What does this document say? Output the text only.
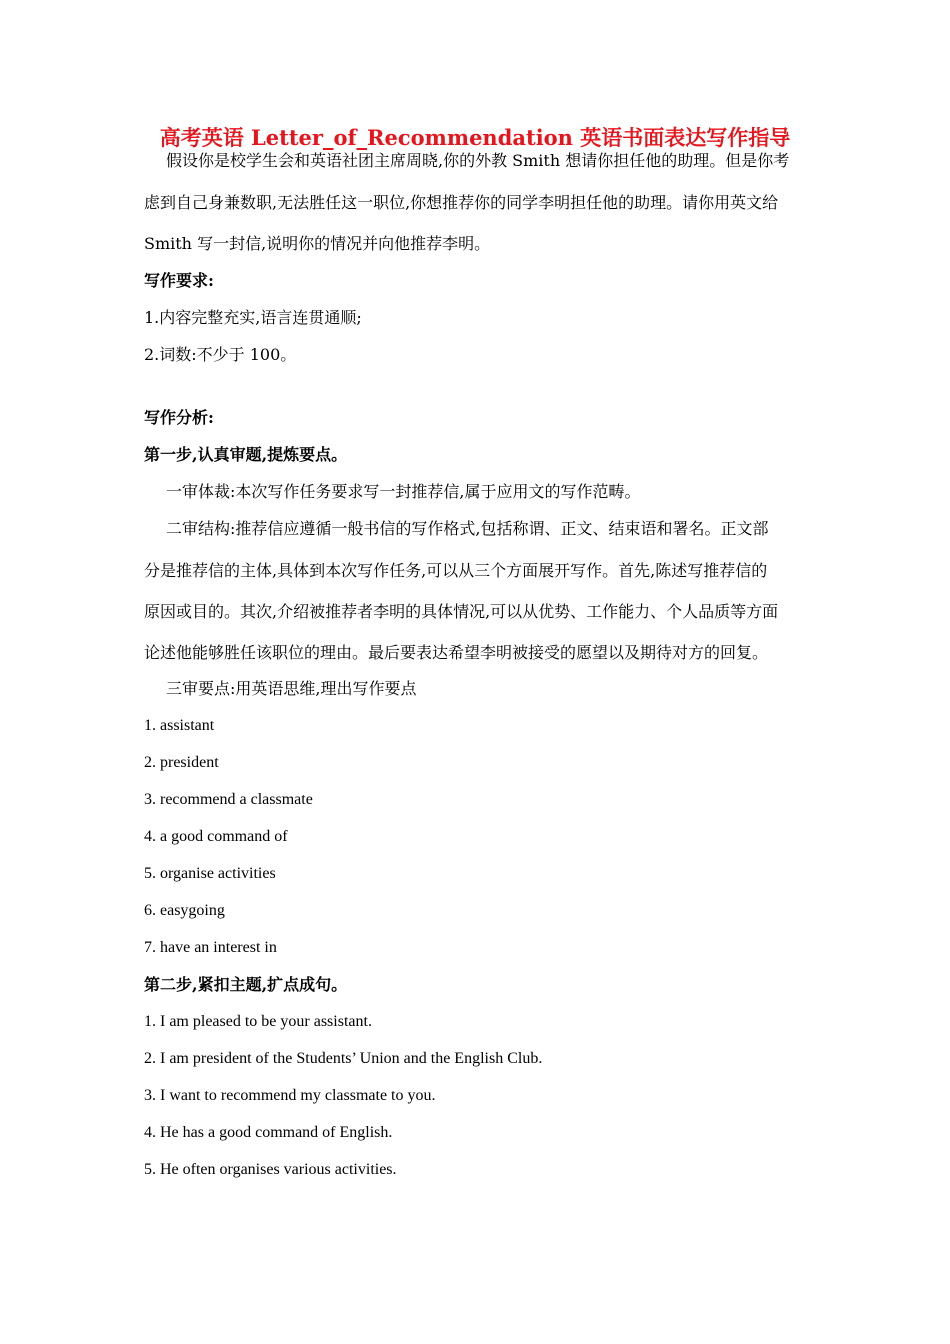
高考英语 Letter_of_Recommendation 英语书面表达写作指导
假设你是校学生会和英语社团主席周晓,你的外教 Smith 想请你担任他的助理。但是你考
虑到自己身兼数职,无法胜任这一职位,你想推荐你的同学李明担任他的助理。请你用英文给
Smith 写一封信,说明你的情况并向他推荐李明。
写作要求:
1.内容完整充实,语言连贯通顺;
2.词数:不少于 100。
写作分析:
第一步,认真审题,提炼要点。
一审体裁:本次写作任务要求写一封推荐信,属于应用文的写作范畴。
二审结构:推荐信应遵循一般书信的写作格式,包括称谓、正文、结束语和署名。正文部
分是推荐信的主体,具体到本次写作任务,可以从三个方面展开写作。首先,陈述写推荐信的
原因或目的。其次,介绍被推荐者李明的具体情况,可以从优势、工作能力、个人品质等方面
论述他能够胜任该职位的理由。最后要表达希望李明被接受的愿望以及期待对方的回复。
三审要点:用英语思维,理出写作要点
1. assistant
2. president
3. recommend a classmate
4. a good command of
5. organise activities
6. easygoing
7. have an interest in
第二步,紧扣主题,扩点成句。
1. I am pleased to be your assistant.
2. I am president of the Students’ Union and the English Club.
3. I want to recommend my classmate to you.
4. He has a good command of English.
5. He often organises various activities.
